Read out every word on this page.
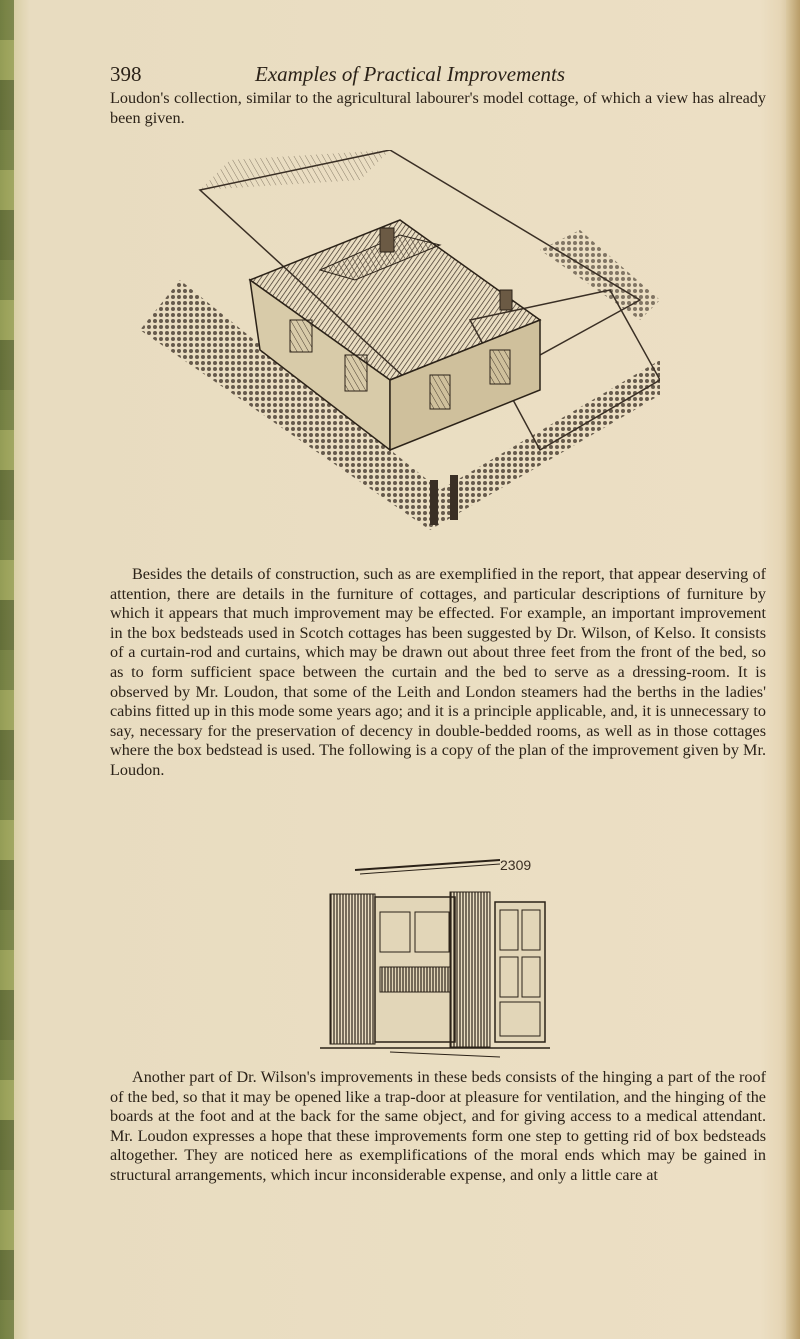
398	Examples of Practical Improvements

Loudon's collection, similar to the agricultural labourer's model cottage, of which a view has already been given.

Besides the details of construction, such as are exemplified in the report, that appear deserving of attention, there are details in the furniture of cottages, and particular descriptions of furniture by which it appears that much improvement may be effected. For example, an important improvement in the box bedsteads used in Scotch cottages has been suggested by Dr. Wilson, of Kelso. It consists of a curtain-rod and curtains, which may be drawn out about three feet from the front of the bed, so as to form sufficient space between the curtain and the bed to serve as a dressing-room. It is observed by Mr. Loudon, that some of the Leith and London steamers had the berths in the ladies' cabins fitted up in this mode some years ago; and it is a principle applicable, and, it is unnecessary to say, necessary for the preservation of decency in double-bedded rooms, as well as in those cottages where the box bedstead is used. The following is a copy of the plan of the improvement given by Mr. Loudon.

2309

Another part of Dr. Wilson's improvements in these beds consists of the hinging a part of the roof of the bed, so that it may be opened like a trap-door at pleasure for ventilation, and the hinging of the boards at the foot and at the back for the same object, and for giving access to a medical attendant. Mr. Loudon expresses a hope that these improvements form one step to getting rid of box bedsteads altogether. They are noticed here as exemplifications of the moral ends which may be gained in structural arrangements, which incur inconsiderable expense, and only a little care at
